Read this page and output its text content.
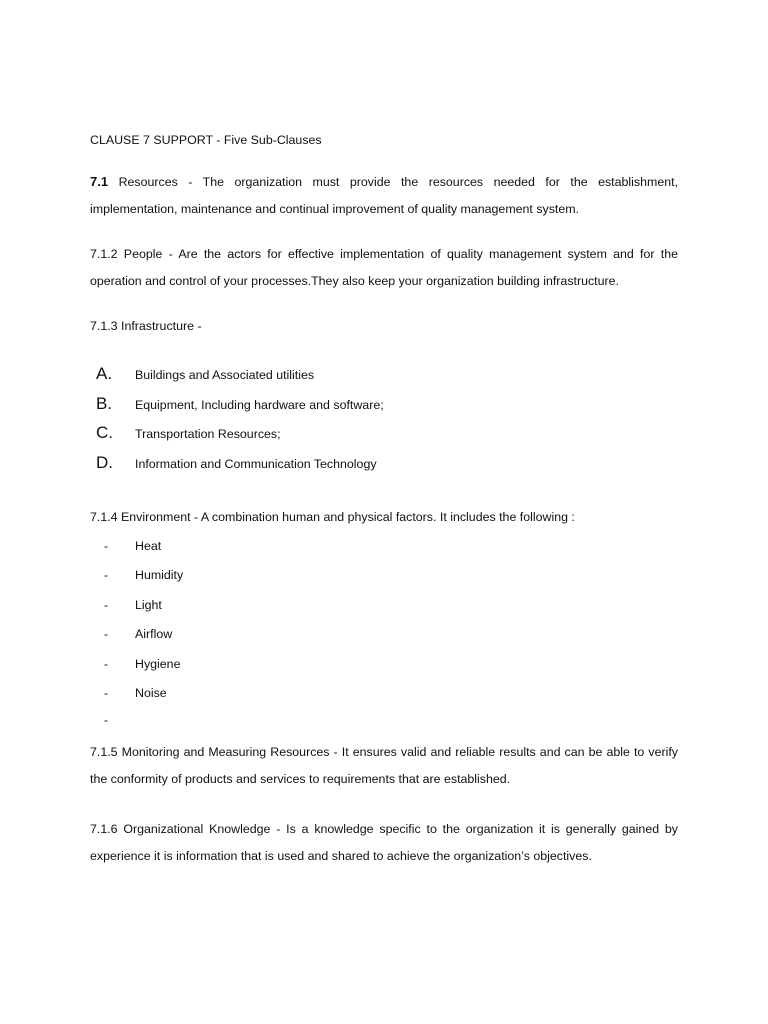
CLAUSE 7 SUPPORT - Five Sub-Clauses
7.1 Resources - The organization must provide the resources needed for the establishment, implementation, maintenance and continual improvement of quality management system.
7.1.2 People - Are the actors for effective implementation of quality management system and for the operation and control of your processes.They also keep your organization building infrastructure.
7.1.3 Infrastructure -
A. Buildings and Associated utilities
B. Equipment, Including hardware and software;
C. Transportation Resources;
D. Information and Communication Technology
7.1.4 Environment - A combination human and physical factors. It includes the following :
- Heat
- Humidity
- Light
- Airflow
- Hygiene
- Noise
-
7.1.5 Monitoring and Measuring Resources - It ensures valid and reliable results and can be able to verify the conformity of products and services to requirements that are established.
7.1.6 Organizational Knowledge - Is a knowledge specific to the organization it is generally gained by experience it is information that is used and shared to achieve the organization’s objectives.
